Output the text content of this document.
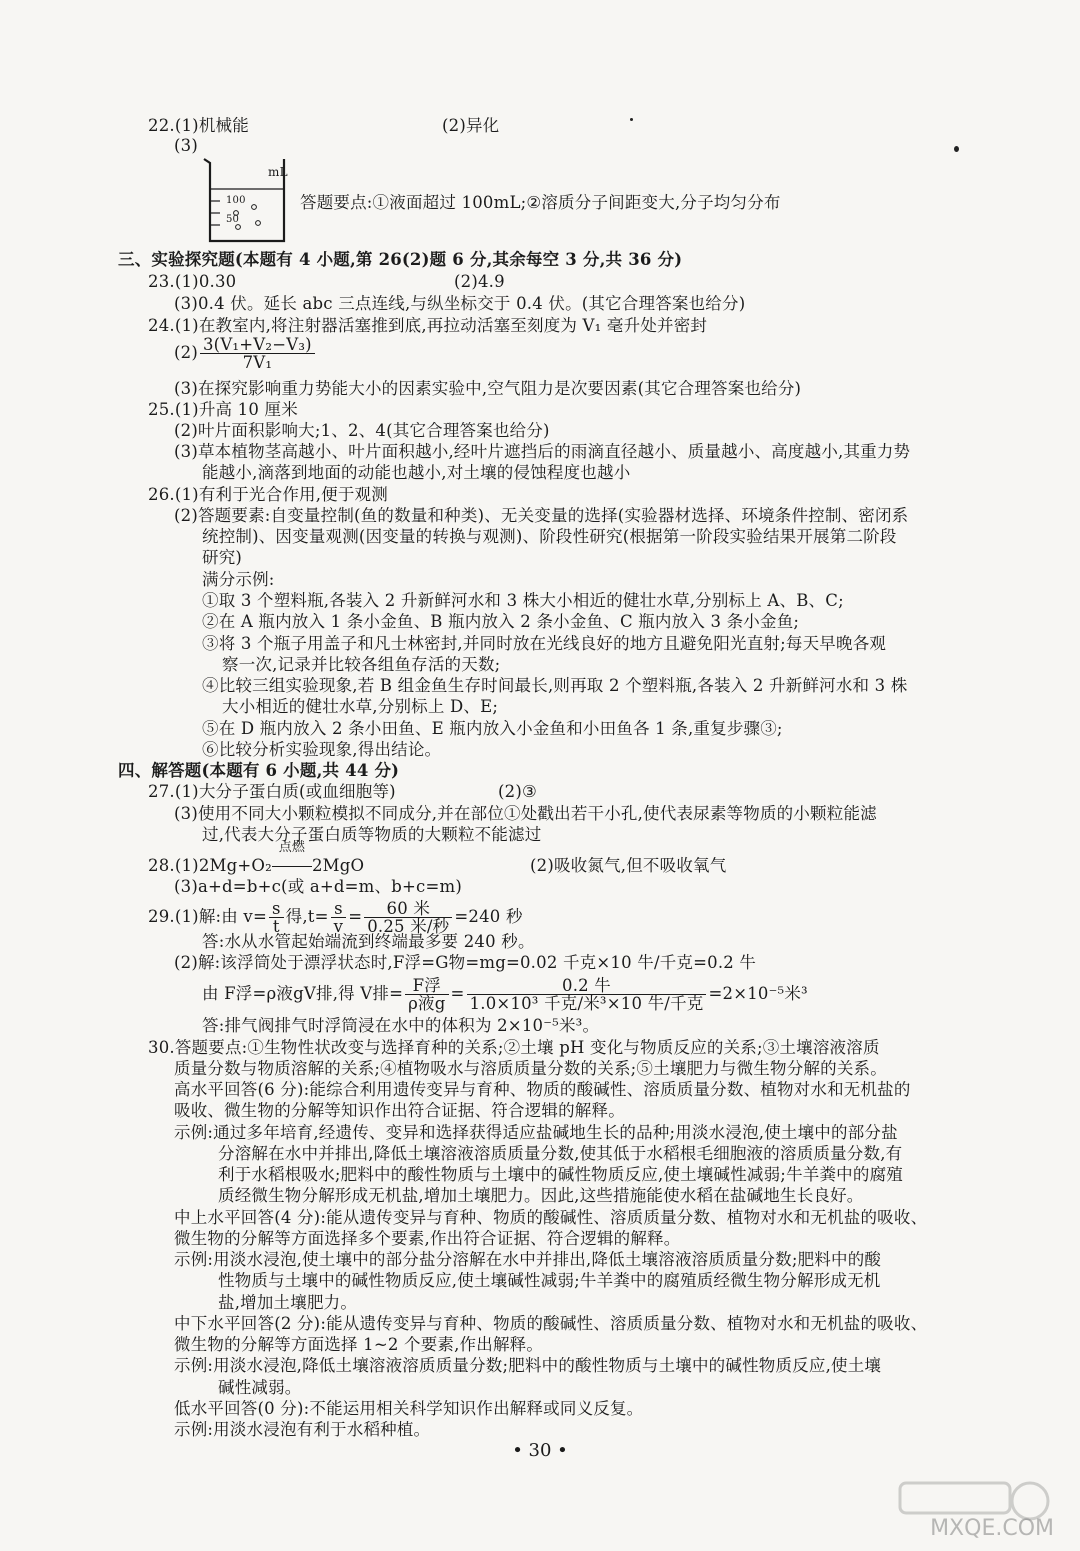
22.(1)机械能	(2)异化
(3)
mL
100
50
答题要点:①液面超过 100mL;②溶质分子间距变大,分子均匀分布
三、实验探究题(本题有 4 小题,第 26(2)题 6 分,其余每空 3 分,共 36 分)
23.(1)0.30	(2)4.9
(3)0.4 伏。延长 abc 三点连线,与纵坐标交于 0.4 伏。(其它合理答案也给分)
24.(1)在教室内,将注射器活塞推到底,再拉动活塞至刻度为 V₁ 毫升处并密封
$(2) \frac{\text{3(V₁+V₂−V₃)}}{\text{7V₁}}$
(3)在探究影响重力势能大小的因素实验中,空气阻力是次要因素(其它合理答案也给分)
25.(1)升高 10 厘米
(2)叶片面积影响大;1、2、4(其它合理答案也给分)
(3)草本植物茎高越小、叶片面积越小,经叶片遮挡后的雨滴直径越小、质量越小、高度越小,其重力势
能越小,滴落到地面的动能也越小,对土壤的侵蚀程度也越小
26.(1)有利于光合作用,便于观测
(2)答题要素:自变量控制(鱼的数量和种类)、无关变量的选择(实验器材选择、环境条件控制、密闭系
统控制)、因变量观测(因变量的转换与观测)、阶段性研究(根据第一阶段实验结果开展第二阶段
研究)
满分示例:
①取 3 个塑料瓶,各装入 2 升新鲜河水和 3 株大小相近的健壮水草,分别标上 A、B、C;
②在 A 瓶内放入 1 条小金鱼、B 瓶内放入 2 条小金鱼、C 瓶内放入 3 条小金鱼;
③将 3 个瓶子用盖子和凡士林密封,并同时放在光线良好的地方且避免阳光直射;每天早晚各观
察一次,记录并比较各组鱼存活的天数;
④比较三组实验现象,若 B 组金鱼生存时间最长,则再取 2 个塑料瓶,各装入 2 升新鲜河水和 3 株
大小相近的健壮水草,分别标上 D、E;
⑤在 D 瓶内放入 2 条小田鱼、E 瓶内放入小金鱼和小田鱼各 1 条,重复步骤③;
⑥比较分析实验现象,得出结论。
四、解答题(本题有 6 小题,共 44 分)
27.(1)大分子蛋白质(或血细胞等)	(2)③
(3)使用不同大小颗粒模拟不同成分,并在部位①处戳出若干小孔,使代表尿素等物质的小颗粒能滤
过,代表大分子蛋白质等物质的大颗粒不能滤过
28.(1)2Mg+O₂
点燃
2MgO	(2)吸收氮气,但不吸收氧气
(3)a+d=b+c(或 a+d=m、b+c=m)
29.(1)解:由 $v= \frac{s}{t}$ 得$,t= \frac{s}{v} = \frac{\text{60 米}}{\text{0.25 米/秒}} =240$ 秒
答:水从水管起始端流到终端最多要 240 秒。
(2)解:该浮筒处于漂浮状态时,F浮=G物=mg=0.02 千克×10 牛/千克=0.2 牛
由 F浮=ρ液gV排,得 V排= $\frac{\text{F浮}}{\text{ρ液g}} = \frac{\text{0.2 牛}}{\text{1.0×10³ 千克/米³×10 牛/千克}} =2\times 10^{-5}$米³
答:排气阀排气时浮筒浸在水中的体积为 2×10⁻⁵米³。
30.答题要点:①生物性状改变与选择育种的关系;②土壤 pH 变化与物质反应的关系;③土壤溶液溶质
质量分数与物质溶解的关系;④植物吸水与溶质质量分数的关系;⑤土壤肥力与微生物分解的关系。
高水平回答(6 分):能综合利用遗传变异与育种、物质的酸碱性、溶质质量分数、植物对水和无机盐的
吸收、微生物的分解等知识作出符合证据、符合逻辑的解释。
示例:通过多年培育,经遗传、变异和选择获得适应盐碱地生长的品种;用淡水浸泡,使土壤中的部分盐
分溶解在水中并排出,降低土壤溶液溶质质量分数,使其低于水稻根毛细胞液的溶质质量分数,有
利于水稻根吸水;肥料中的酸性物质与土壤中的碱性物质反应,使土壤碱性减弱;牛羊粪中的腐殖
质经微生物分解形成无机盐,增加土壤肥力。因此,这些措施能使水稻在盐碱地生长良好。
中上水平回答(4 分):能从遗传变异与育种、物质的酸碱性、溶质质量分数、植物对水和无机盐的吸收、
微生物的分解等方面选择多个要素,作出符合证据、符合逻辑的解释。
示例:用淡水浸泡,使土壤中的部分盐分溶解在水中并排出,降低土壤溶液溶质质量分数;肥料中的酸
性物质与土壤中的碱性物质反应,使土壤碱性减弱;牛羊粪中的腐殖质经微生物分解形成无机
盐,增加土壤肥力。
中下水平回答(2 分):能从遗传变异与育种、物质的酸碱性、溶质质量分数、植物对水和无机盐的吸收、
微生物的分解等方面选择 1~2 个要素,作出解释。
示例:用淡水浸泡,降低土壤溶液溶质质量分数;肥料中的酸性物质与土壤中的碱性物质反应,使土壤
碱性减弱。
低水平回答(0 分):不能运用相关科学知识作出解释或同义反复。
示例:用淡水浸泡有利于水稻种植。
• 30 •
MXQE.COM
